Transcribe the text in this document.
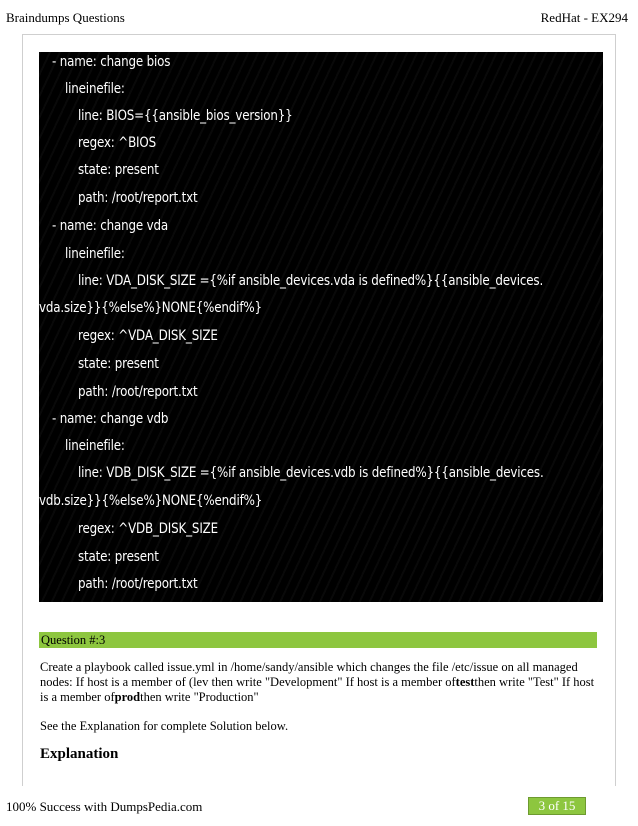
Braindumps Questions	RedHat - EX294
- name: change bios
lineinefile:
line: BIOS={{ansible_bios_version}}
regex: ^BIOS
state: present
path: /root/report.txt
- name: change vda
lineinefile:
line: VDA_DISK_SIZE ={%if ansible_devices.vda is defined%}{{ansible_devices.
vda.size}}{%else%}NONE{%endif%}
regex: ^VDA_DISK_SIZE
state: present
path: /root/report.txt
- name: change vdb
lineinefile:
line: VDB_DISK_SIZE ={%if ansible_devices.vdb is defined%}{{ansible_devices.
vdb.size}}{%else%}NONE{%endif%}
regex: ^VDB_DISK_SIZE
state: present
path: /root/report.txt
Question #:3
Create a playbook called issue.yml in /home/sandy/ansible which changes the file /etc/issue on all managed nodes: If host is a member of (lev then write "Development" If host is a member oftestthen write "Test" If host is a member ofprodthen write "Production"
See the Explanation for complete Solution below.
Explanation
100% Success with DumpsPedia.com	3 of 15
